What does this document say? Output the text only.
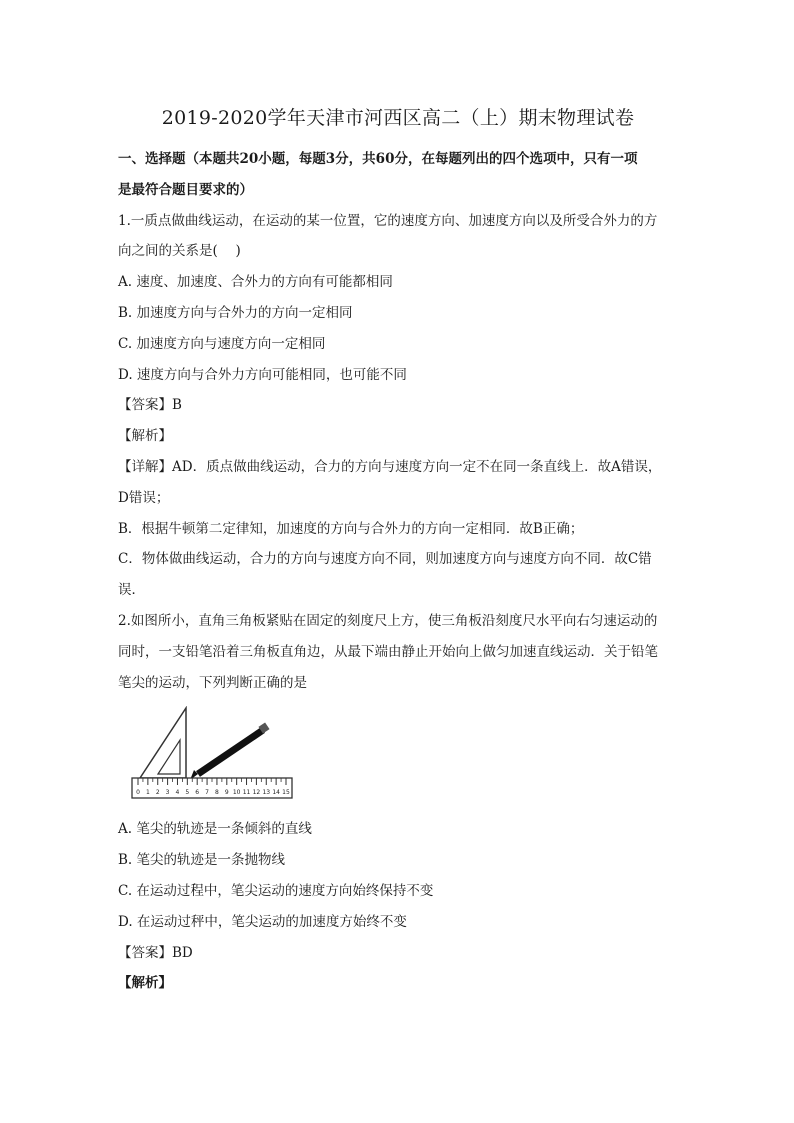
2019-2020学年天津市河西区高二（上）期末物理试卷
一、选择题（本题共20小题，每题3分，共60分，在每题列出的四个选项中，只有一项
是最符合题目要求的）
1.一质点做曲线运动，在运动的某一位置，它的速度方向、加速度方向以及所受合外力的方
向之间的关系是(　 )
A. 速度、加速度、合外力的方向有可能都相同
B. 加速度方向与合外力的方向一定相同
C. 加速度方向与速度方向一定相同
D. 速度方向与合外力方向可能相同，也可能不同
【答案】B
【解析】
【详解】AD．质点做曲线运动，合力的方向与速度方向一定不在同一条直线上．故A错误，
D错误；
B．根据牛顿第二定律知，加速度的方向与合外力的方向一定相同．故B正确；
C．物体做曲线运动，合力的方向与速度方向不同，则加速度方向与速度方向不同．故C错
误．
2.如图所小，直角三角板紧贴在固定的刻度尺上方，使三角板沿刻度尺水平向右匀速运动的
同时，一支铅笔沿着三角板直角边，从最下端由静止开始向上做匀加速直线运动．关于铅笔
笔尖的运动，下列判断正确的是
0 1 2 3 4 5 6 7 8 9 10 11 12 13 14 15
A. 笔尖的轨迹是一条倾斜的直线
B. 笔尖的轨迹是一条抛物线
C. 在运动过程中，笔尖运动的速度方向始终保持不变
D. 在运动过秤中，笔尖运动的加速度方始终不变
【答案】BD
【解析】
